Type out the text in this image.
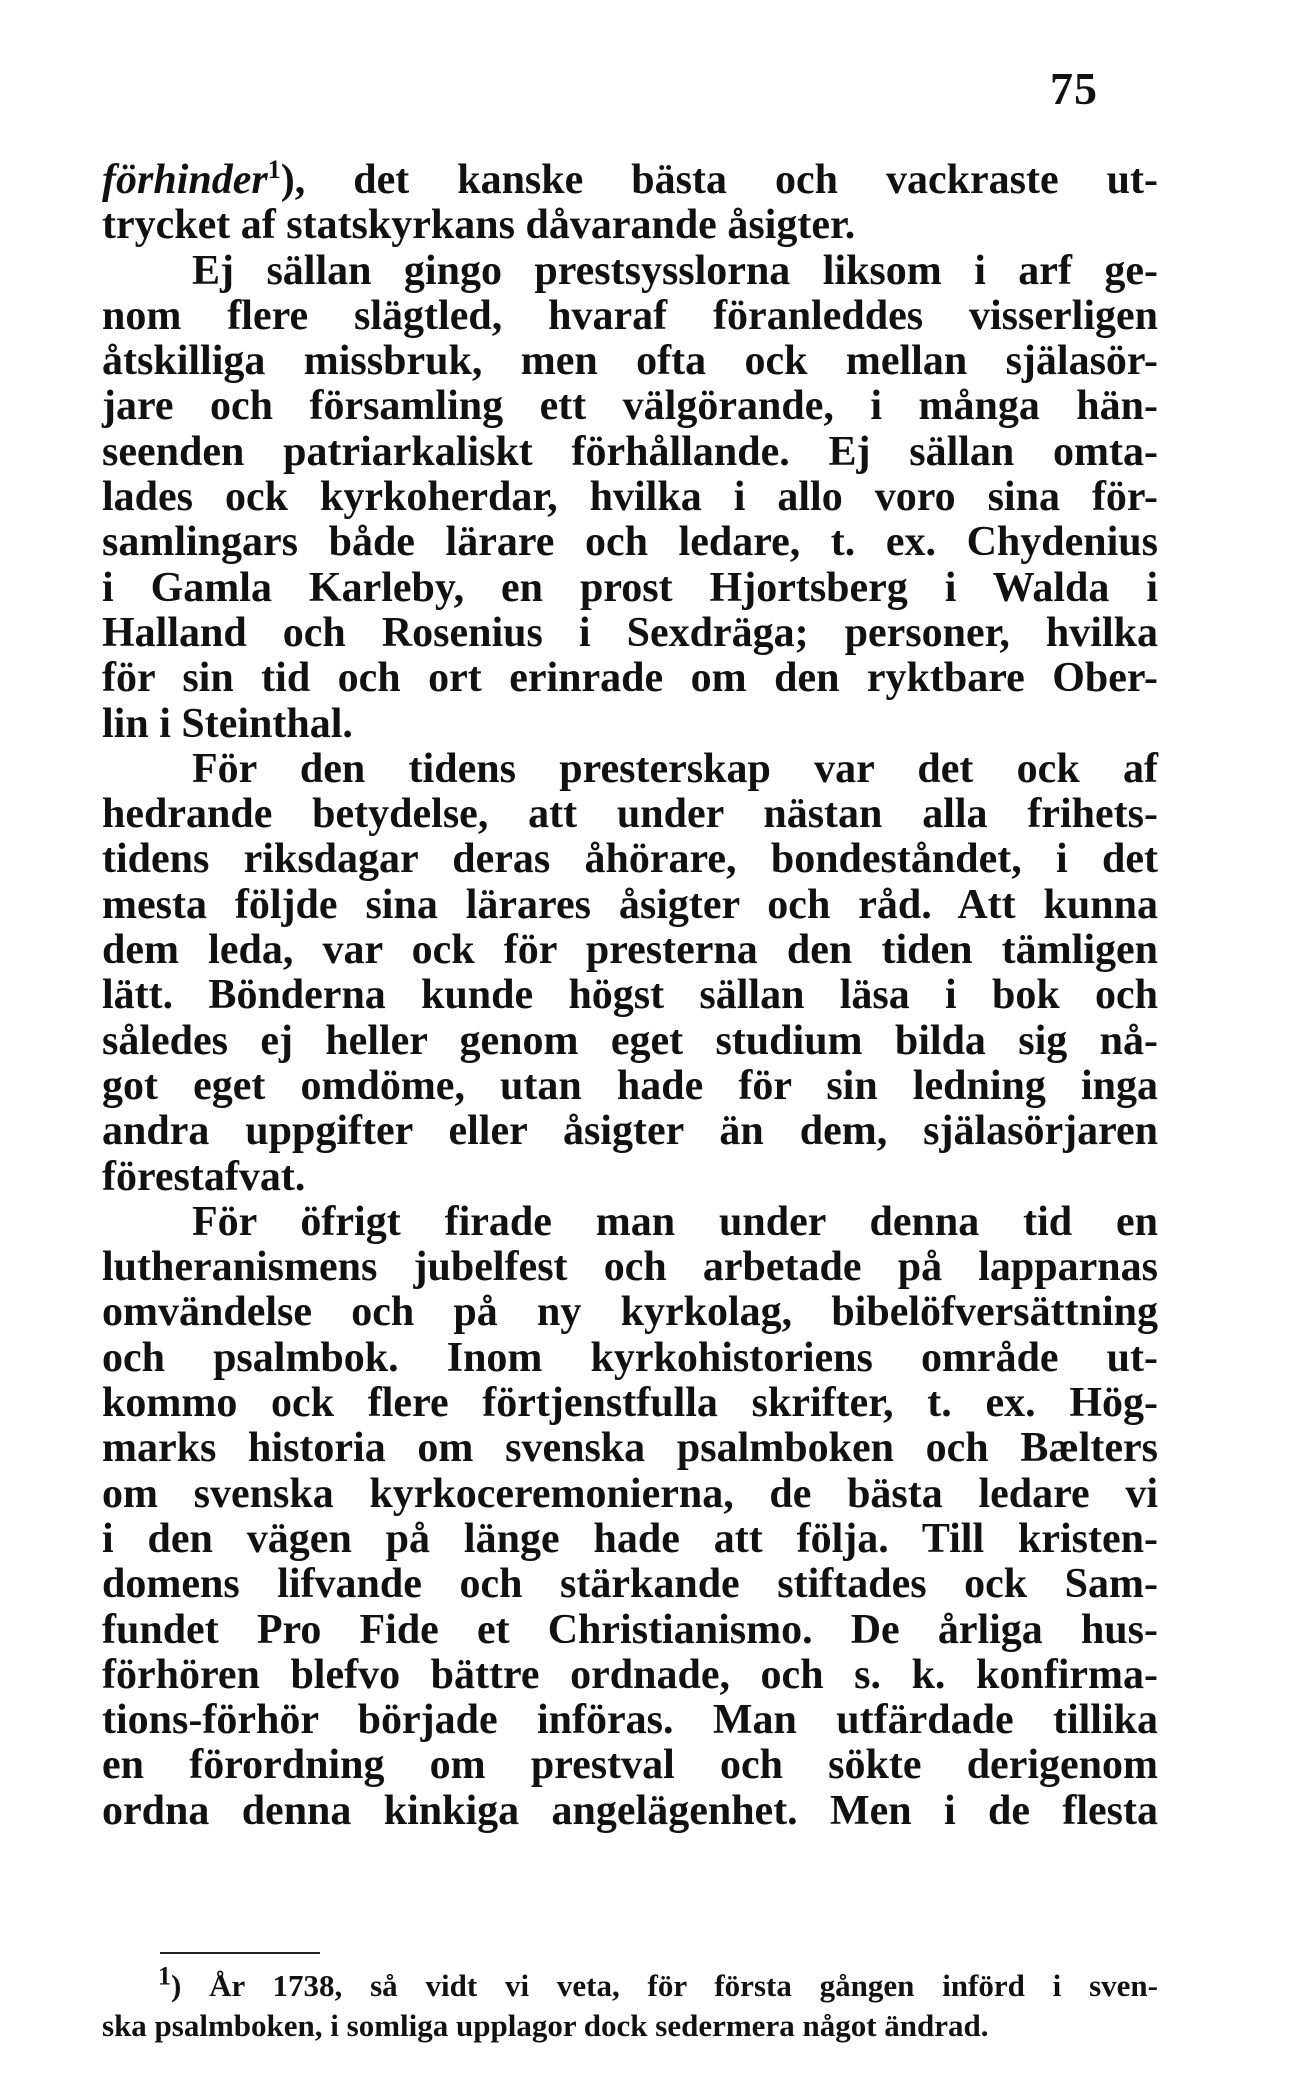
75
förhinder$^1$), det kanske bästa och vackraste ut-
trycket af statskyrkans dåvarande åsigter.
Ej sällan gingo prestsysslorna liksom i arf ge-
nom flere slägtled, hvaraf föranleddes visserligen
åtskilliga missbruk, men ofta ock mellan själasör-
jare och församling ett välgörande, i många hän-
seenden patriarkaliskt förhållande. Ej sällan omta-
lades ock kyrkoherdar, hvilka i allo voro sina för-
samlingars både lärare och ledare, t. ex. Chydenius
i Gamla Karleby, en prost Hjortsberg i Walda i
Halland och Rosenius i Sexdräga; personer, hvilka
för sin tid och ort erinrade om den ryktbare Ober-
lin i Steinthal.
För den tidens presterskap var det ock af
hedrande betydelse, att under nästan alla frihets-
tidens riksdagar deras åhörare, bondeståndet, i det
mesta följde sina lärares åsigter och råd. Att kunna
dem leda, var ock för presterna den tiden tämligen
lätt. Bönderna kunde högst sällan läsa i bok och
således ej heller genom eget studium bilda sig nå-
got eget omdöme, utan hade för sin ledning inga
andra uppgifter eller åsigter än dem, själasörjaren
förestafvat.
För öfrigt firade man under denna tid en
lutheranismens jubelfest och arbetade på lapparnas
omvändelse och på ny kyrkolag, bibelöfversättning
och psalmbok. Inom kyrkohistoriens område ut-
kommo ock flere förtjenstfulla skrifter, t. ex. Hög-
marks historia om svenska psalmboken och Bælters
om svenska kyrkoceremonierna, de bästa ledare vi
i den vägen på länge hade att följa. Till kristen-
domens lifvande och stärkande stiftades ock Sam-
fundet Pro Fide et Christianismo. De årliga hus-
förhören blefvo bättre ordnade, och s. k. konfirma-
tions-förhör började införas. Man utfärdade tillika
en förordning om prestval och sökte derigenom
ordna denna kinkiga angelägenhet. Men i de flesta
$^1$) År 1738, så vidt vi veta, för första gången införd i sven-
ska psalmboken, i somliga upplagor dock sedermera något ändrad.
